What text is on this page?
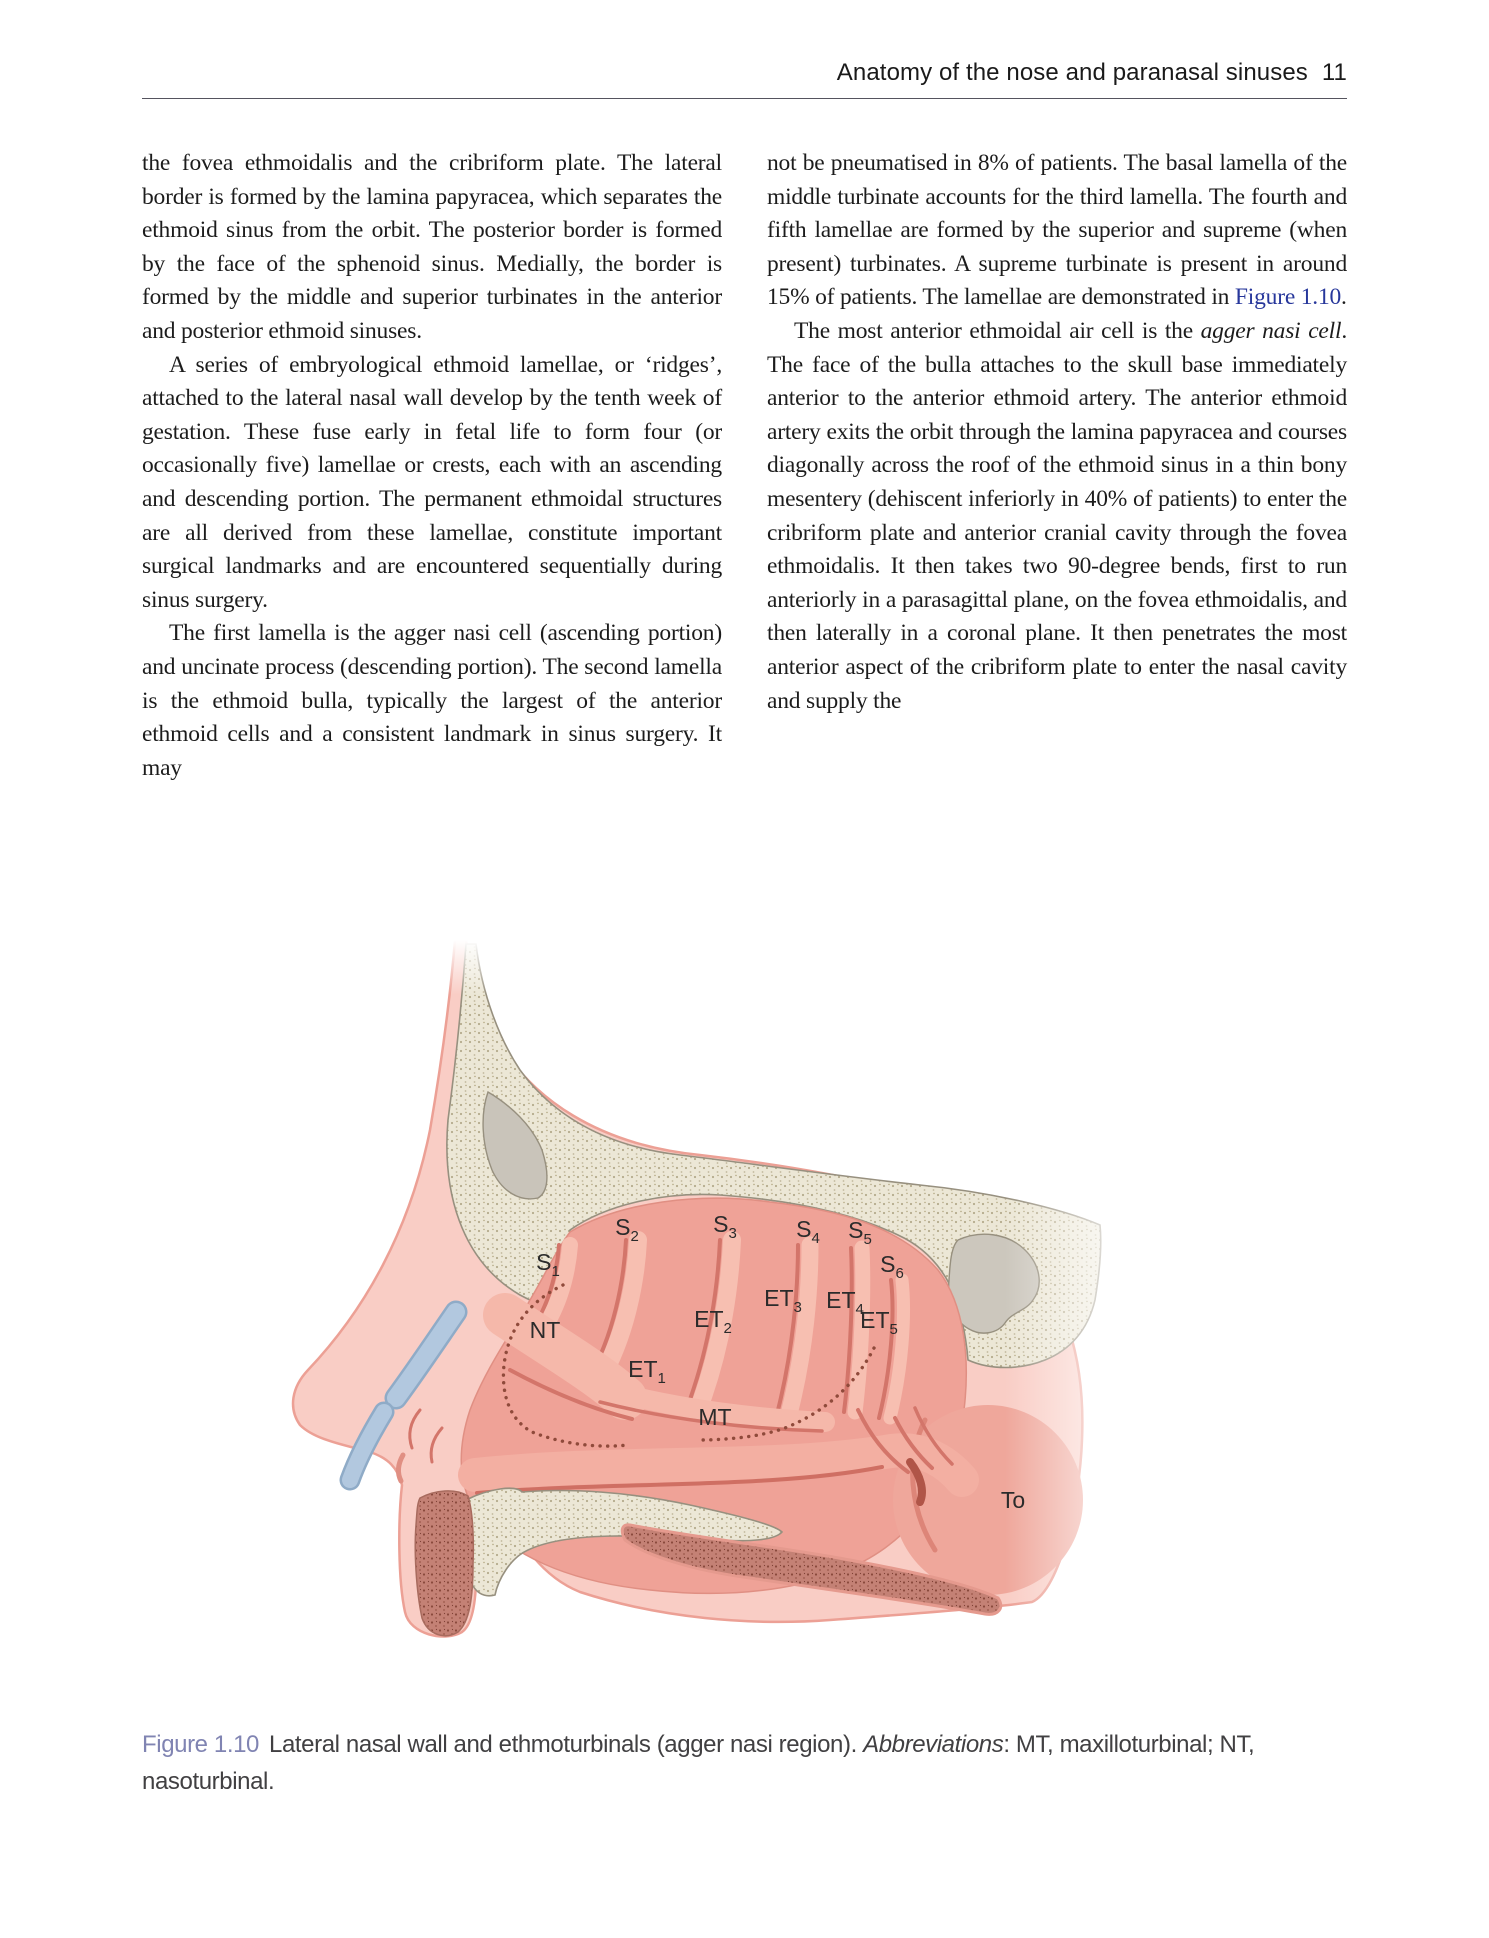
Anatomy of the nose and paranasal sinuses 11

the fovea ethmoidalis and the cribriform plate. The lateral border is formed by the lamina papyracea, which separates the ethmoid sinus from the orbit. The posterior border is formed by the face of the sphenoid sinus. Medially, the border is formed by the middle and superior turbinates in the anterior and posterior ethmoid sinuses.

A series of embryological ethmoid lamellae, or ‘ridges’, attached to the lateral nasal wall develop by the tenth week of gestation. These fuse early in fetal life to form four (or occasionally five) lamellae or crests, each with an ascending and descending portion. The permanent ethmoidal structures are all derived from these lamellae, constitute important surgical landmarks and are encountered sequentially during sinus surgery.

The first lamella is the agger nasi cell (ascending portion) and uncinate process (descending portion). The second lamella is the ethmoid bulla, typically the largest of the anterior ethmoid cells and a consistent landmark in sinus surgery. It may

not be pneumatised in 8% of patients. The basal lamella of the middle turbinate accounts for the third lamella. The fourth and fifth lamellae are formed by the superior and supreme (when present) turbinates. A supreme turbinate is present in around 15% of patients. The lamellae are demonstrated in Figure 1.10.

The most anterior ethmoidal air cell is the agger nasi cell. The face of the bulla attaches to the skull base immediately anterior to the anterior ethmoid artery. The anterior ethmoid artery exits the orbit through the lamina papyracea and courses diagonally across the roof of the ethmoid sinus in a thin bony mesentery (dehiscent inferiorly in 40% of patients) to enter the cribriform plate and anterior cranial cavity through the fovea ethmoidalis. It then takes two 90-degree bends, first to run anteriorly in a parasagittal plane, on the fovea ethmoidalis, and then laterally in a coronal plane. It then penetrates the most anterior aspect of the cribriform plate to enter the nasal cavity and supply the

$S_1$
$S_2$	$S_3$	$S_4$ $S_5$
$S_6$
NT
$ET_1$
$ET_2$
$ET_3$ $ET_4$
$ET_5$
MT
To
Figure 1.10 Lateral nasal wall and ethmoturbinals (agger nasi region). Abbreviations: MT, maxilloturbinal; NT, nasoturbinal.
